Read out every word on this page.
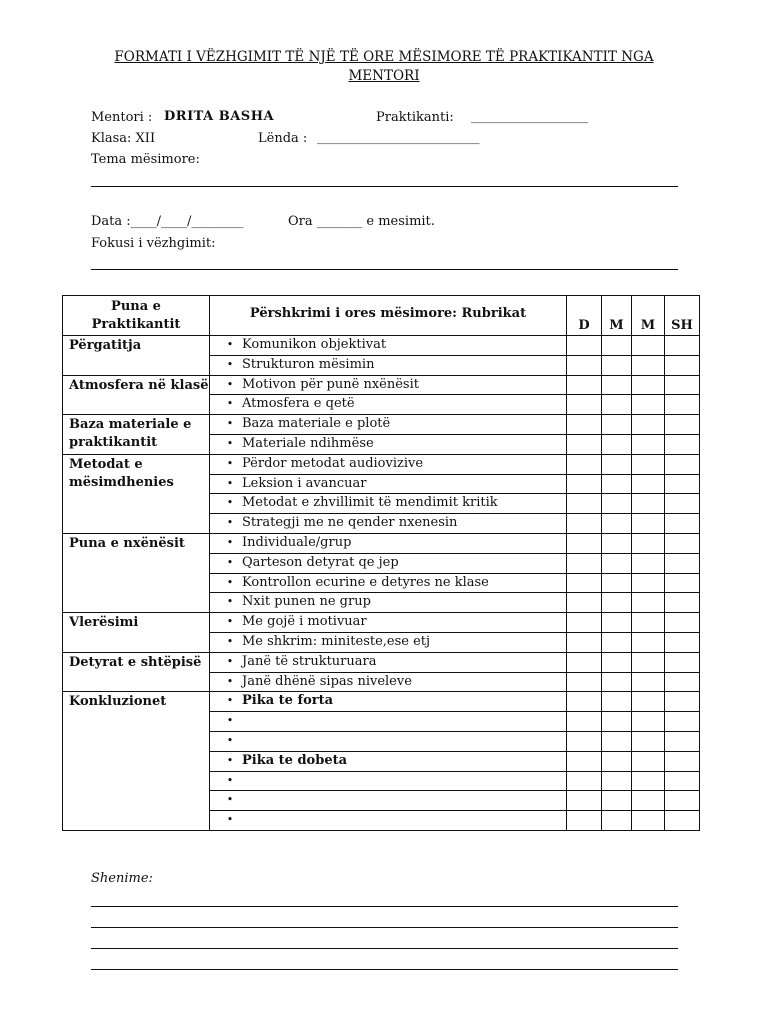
FORMATI I VËZHGIMIT TË NJË TË ORE MËSIMORE TË PRAKTIKANTIT NGA
MENTORI
Mentori : DRITA BASHA	Praktikanti: __________________
Klasa: XII	Lënda : _________________________
Tema mësimore:
Data :____/____/________	Ora _______ e mesimit.
Fokusi i vëzhgimit:
Puna e Praktikantit	Përshkrimi i ores mësimore: Rubrikat	D	M	M	SH
Përgatitja	• Komunikon objektivat				
	• Strukturon mësimin				
Atmosfera në klasë	• Motivon për punë nxënësit				
	• Atmosfera e qetë				
Baza materiale e praktikantit	• Baza materiale e plotë				
	• Materiale ndihmëse				
Metodat e mësimdhenies	• Përdor metodat audiovizive				
	• Leksion i avancuar				
	• Metodat e zhvillimit të mendimit kritik				
	• Strategji me ne qender nxenesin				
Puna e nxënësit	• Individuale/grup				
	• Qarteson detyrat qe jep				
	• Kontrollon ecurine e detyres ne klase				
	• Nxit punen ne grup				
Vlerësimi	• Me gojë i motivuar				
	• Me shkrim: miniteste,ese etj				
Detyrat e shtëpisë	• Janë të strukturuara				
	• Janë dhënë sipas niveleve				
Konkluzionet	• Pika te forta				
	•				
	•				
	• Pika te dobeta				
	•				
	•				
	•				
Shenime:
